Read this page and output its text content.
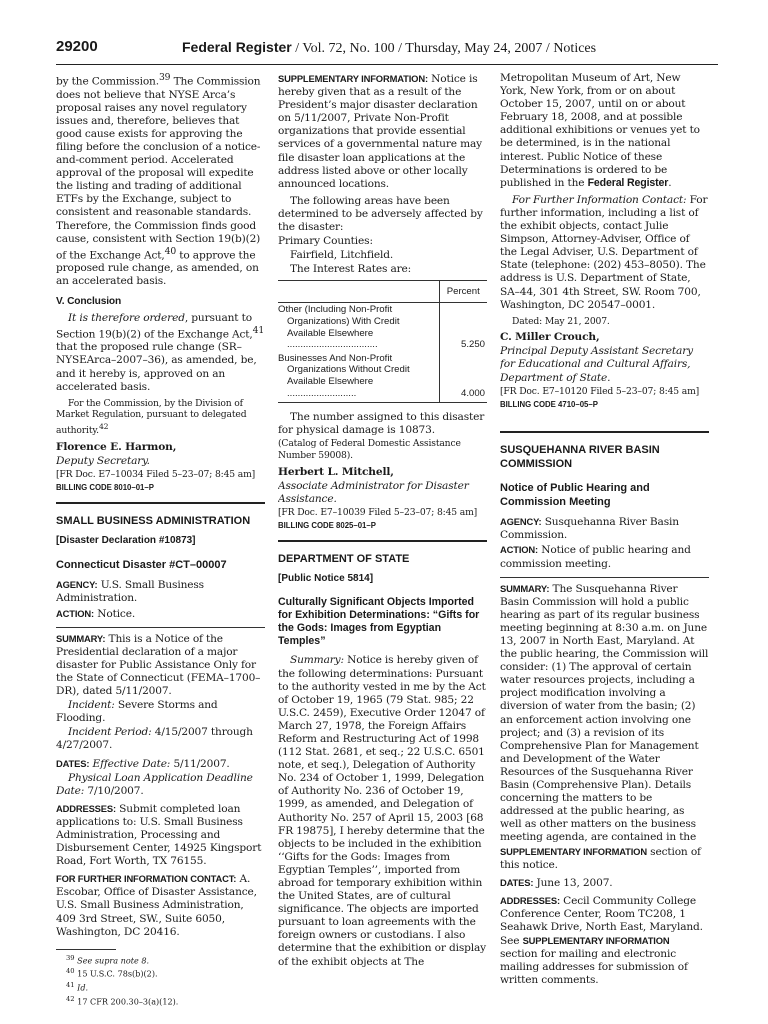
29200	Federal Register / Vol. 72, No. 100 / Thursday, May 24, 2007 / Notices

by the Commission.$^{39}$ The Commission does not believe that NYSE Arca’s proposal raises any novel regulatory issues and, therefore, believes that good cause exists for approving the filing before the conclusion of a notice-and-comment period. Accelerated approval of the proposal will expedite the listing and trading of additional ETFs by the Exchange, subject to consistent and reasonable standards. Therefore, the Commission finds good cause, consistent with Section 19(b)(2) of the Exchange Act,$^{40}$ to approve the proposed rule change, as amended, on an accelerated basis.

V. Conclusion

It is therefore ordered, pursuant to Section 19(b)(2) of the Exchange Act,$^{41}$ that the proposed rule change (SR–NYSEArca–2007–36), as amended, be, and it hereby is, approved on an accelerated basis.

For the Commission, by the Division of Market Regulation, pursuant to delegated authority.$^{42}$

Florence E. Harmon,

Deputy Secretary.

[FR Doc. E7–10034 Filed 5–23–07; 8:45 am]

BILLING CODE 8010–01–P
SMALL BUSINESS ADMINISTRATION
[Disaster Declaration #10873]
Connecticut Disaster #CT–00007

AGENCY: U.S. Small Business Administration.

ACTION: Notice.

SUMMARY: This is a Notice of the Presidential declaration of a major disaster for Public Assistance Only for the State of Connecticut (FEMA–1700–DR), dated 5/11/2007.

Incident: Severe Storms and Flooding.

Incident Period: 4/15/2007 through 4/27/2007.

DATES: Effective Date: 5/11/2007.

Physical Loan Application Deadline Date: 7/10/2007.

ADDRESSES: Submit completed loan applications to: U.S. Small Business Administration, Processing and Disbursement Center, 14925 Kingsport Road, Fort Worth, TX 76155.

FOR FURTHER INFORMATION CONTACT: A. Escobar, Office of Disaster Assistance, U.S. Small Business Administration, 409 3rd Street, SW., Suite 6050, Washington, DC 20416.

$^{39}$ See supra note 8.
$^{40}$ 15 U.S.C. 78s(b)(2).
$^{41}$ Id.
$^{42}$ 17 CFR 200.30–3(a)(12).

SUPPLEMENTARY INFORMATION: Notice is hereby given that as a result of the President’s major disaster declaration on 5/11/2007, Private Non-Profit organizations that provide essential services of a governmental nature may file disaster loan applications at the address listed above or other locally announced locations.

The following areas have been determined to be adversely affected by the disaster:

Primary Counties:

Fairfield, Litchfield.

The Interest Rates are:

	Percent

Other (Including Non-Profit Organizations) With Credit Available Elsewhere ..................................	5.250

Businesses And Non-Profit Organizations Without Credit Available Elsewhere ..........................	4.000

The number assigned to this disaster for physical damage is 10873.

(Catalog of Federal Domestic Assistance Number 59008).

Herbert L. Mitchell,

Associate Administrator for Disaster Assistance.

[FR Doc. E7–10039 Filed 5–23–07; 8:45 am]

BILLING CODE 8025–01–P
DEPARTMENT OF STATE
[Public Notice 5814]
Culturally Significant Objects Imported for Exhibition Determinations: “Gifts for the Gods: Images from Egyptian Temples”

Summary: Notice is hereby given of the following determinations: Pursuant to the authority vested in me by the Act of October 19, 1965 (79 Stat. 985; 22 U.S.C. 2459), Executive Order 12047 of March 27, 1978, the Foreign Affairs Reform and Restructuring Act of 1998 (112 Stat. 2681, et seq.; 22 U.S.C. 6501 note, et seq.), Delegation of Authority No. 234 of October 1, 1999, Delegation of Authority No. 236 of October 19, 1999, as amended, and Delegation of Authority No. 257 of April 15, 2003 [68 FR 19875], I hereby determine that the objects to be included in the exhibition ‘‘Gifts for the Gods: Images from Egyptian Temples’’, imported from abroad for temporary exhibition within the United States, are of cultural significance. The objects are imported pursuant to loan agreements with the foreign owners or custodians. I also determine that the exhibition or display of the exhibit objects at The

Metropolitan Museum of Art, New York, New York, from or on about October 15, 2007, until on or about February 18, 2008, and at possible additional exhibitions or venues yet to be determined, is in the national interest. Public Notice of these Determinations is ordered to be published in the Federal Register.

For Further Information Contact: For further information, including a list of the exhibit objects, contact Julie Simpson, Attorney-Adviser, Office of the Legal Adviser, U.S. Department of State (telephone: (202) 453–8050). The address is U.S. Department of State, SA–44, 301 4th Street, SW. Room 700, Washington, DC 20547–0001.

Dated: May 21, 2007.

C. Miller Crouch,

Principal Deputy Assistant Secretary for Educational and Cultural Affairs, Department of State.

[FR Doc. E7–10120 Filed 5–23–07; 8:45 am]

BILLING CODE 4710–05–P
SUSQUEHANNA RIVER BASIN COMMISSION
Notice of Public Hearing and Commission Meeting

AGENCY: Susquehanna River Basin Commission.

ACTION: Notice of public hearing and commission meeting.

SUMMARY: The Susquehanna River Basin Commission will hold a public hearing as part of its regular business meeting beginning at 8:30 a.m. on June 13, 2007 in North East, Maryland. At the public hearing, the Commission will consider: (1) The approval of certain water resources projects, including a project modification involving a diversion of water from the basin; (2) an enforcement action involving one project; and (3) a revision of its Comprehensive Plan for Management and Development of the Water Resources of the Susquehanna River Basin (Comprehensive Plan). Details concerning the matters to be addressed at the public hearing, as well as other matters on the business meeting agenda, are contained in the SUPPLEMENTARY INFORMATION section of this notice.

DATES: June 13, 2007.

ADDRESSES: Cecil Community College Conference Center, Room TC208, 1 Seahawk Drive, North East, Maryland. See SUPPLEMENTARY INFORMATION section for mailing and electronic mailing addresses for submission of written comments.
